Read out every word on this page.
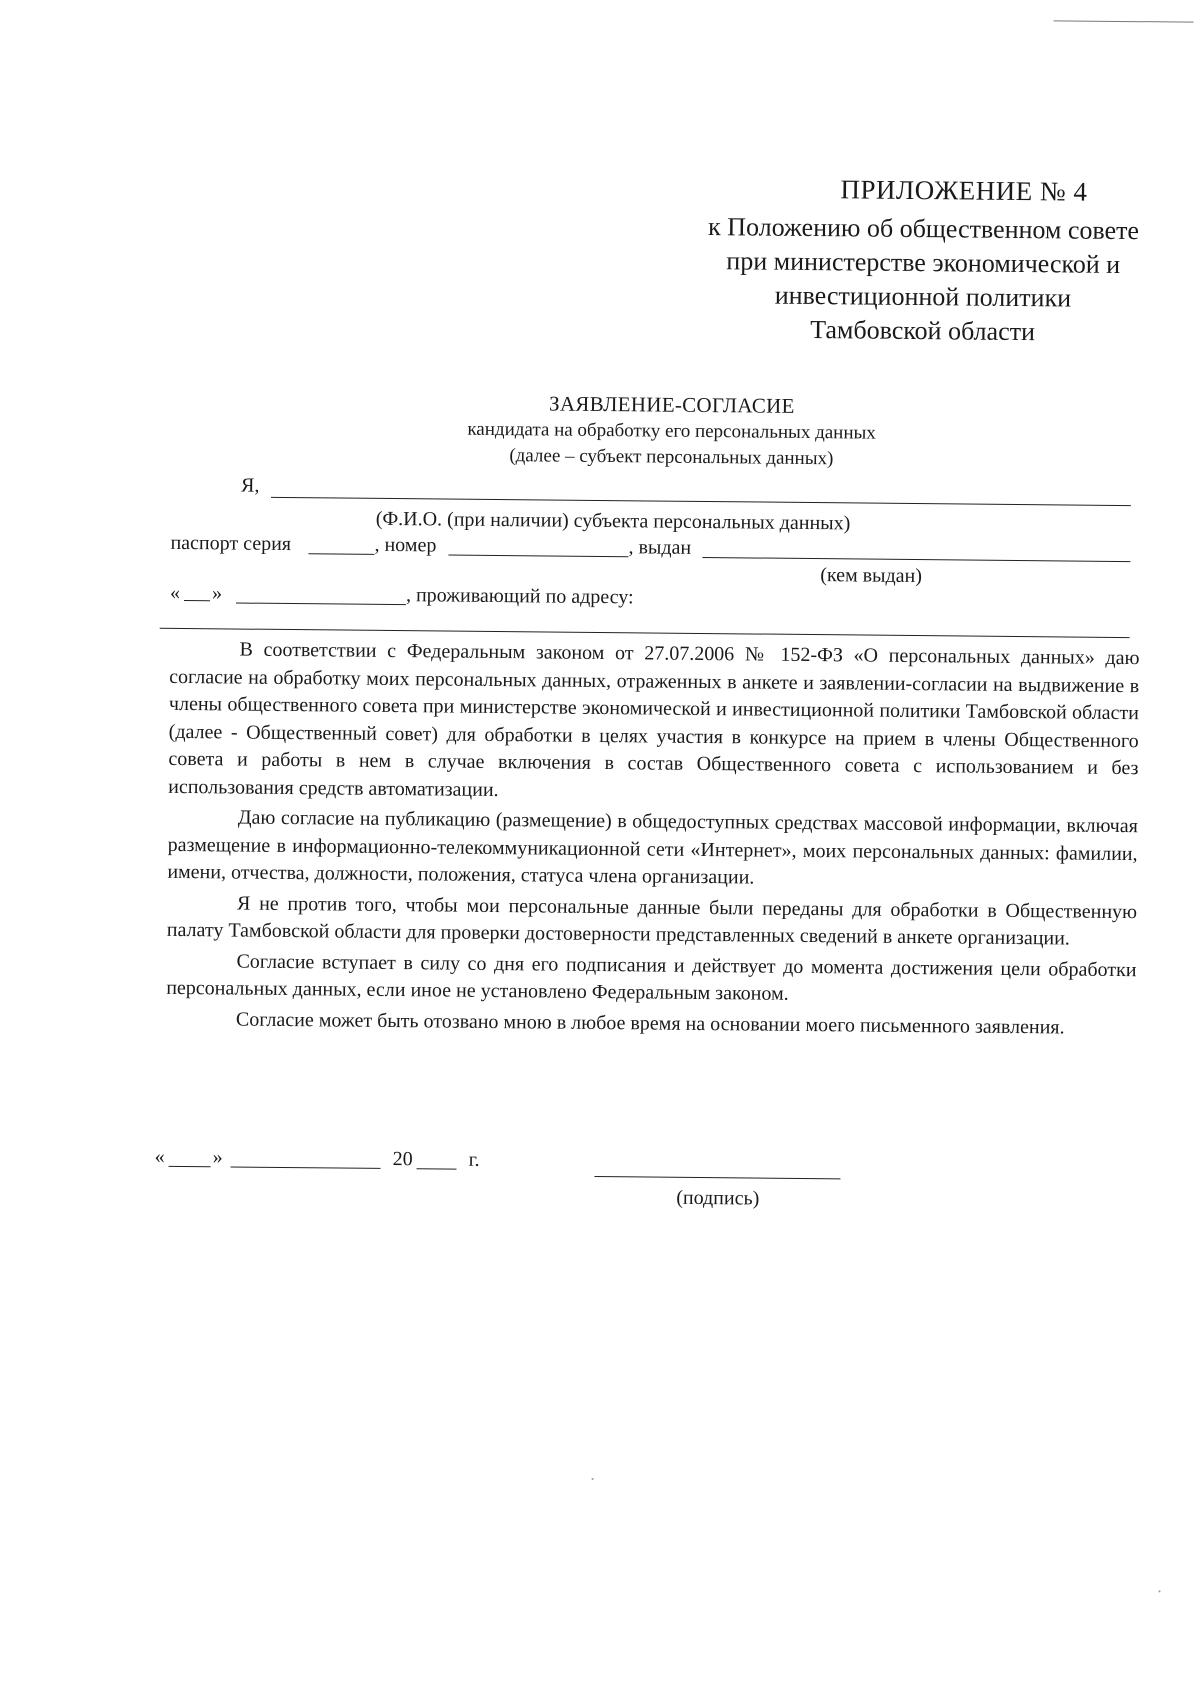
ПРИЛОЖЕНИЕ № 4
к Положению об общественном совете
при министерстве экономической и
инвестиционной политики
Тамбовской области
ЗАЯВЛЕНИЕ-СОГЛАСИЕ
кандидата на обработку его персональных данных
(далее – субъект персональных данных)
Я,
(Ф.И.О. (при наличии) субъекта персональных данных)
паспорт серия	, номер	, выдан
(кем выдан)
« »	, проживающий по адресу:

В соответствии с Федеральным законом от 27.07.2006 № 152-ФЗ «О персональных данных» даю согласие на обработку моих персональных данных, отраженных в анкете и заявлении-согласии на выдвижение в члены общественного совета при министерстве экономической и инвестиционной политики Тамбовской области (далее - Общественный совет) для обработки в целях участия в конкурсе на прием в члены Общественного совета и работы в нем в случае включения в состав Общественного совета с использованием и без использования средств автоматизации.

Даю согласие на публикацию (размещение) в общедоступных средствах массовой информации, включая размещение в информационно-телекоммуникационной сети «Интернет», моих персональных данных: фамилии, имени, отчества, должности, положения, статуса члена организации.

Я не против того, чтобы мои персональные данные были переданы для обработки в Общественную палату Тамбовской области для проверки достоверности представленных сведений в анкете организации.

Согласие вступает в силу со дня его подписания и действует до момента достижения цели обработки персональных данных, если иное не установлено Федеральным законом.

Согласие может быть отозвано мною в любое время на основании моего письменного заявления.

« »	20	г.
(подпись)
